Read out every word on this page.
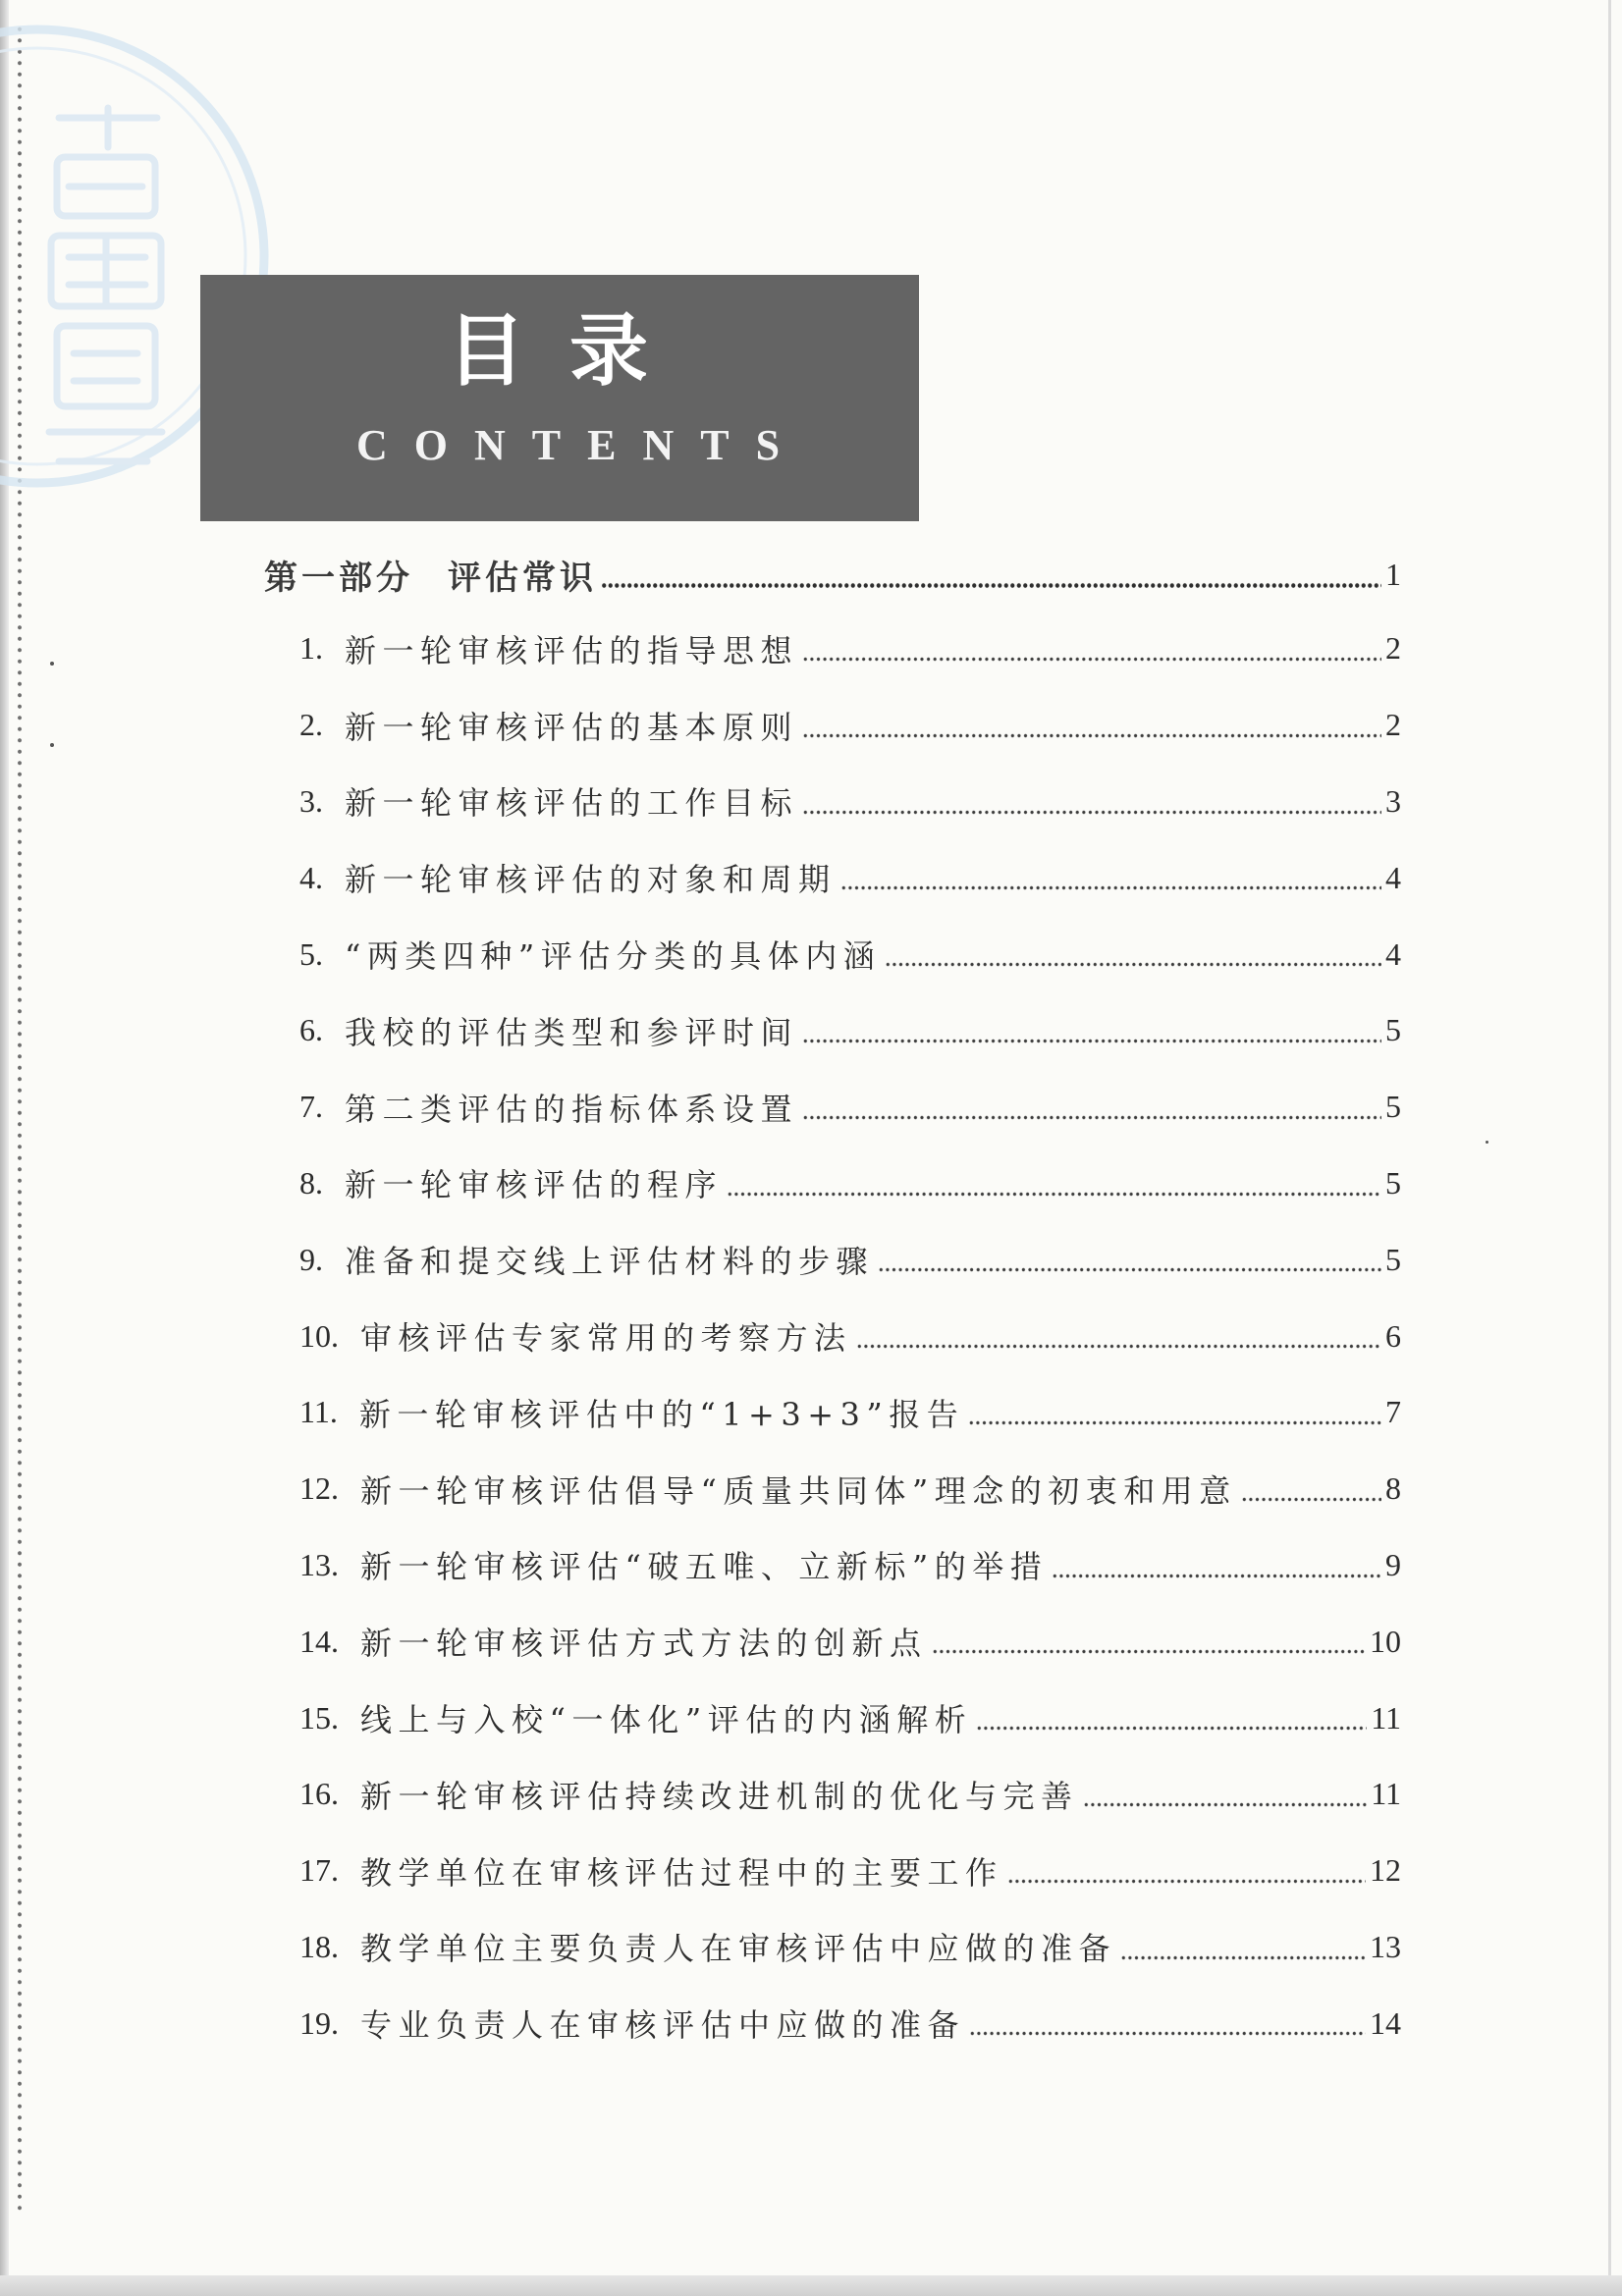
目录
CONTENTS
第一部分 评估常识	1
1. 新一轮审核评估的指导思想	2
2. 新一轮审核评估的基本原则	2
3. 新一轮审核评估的工作目标	3
4. 新一轮审核评估的对象和周期	4
5. “两类四种”评估分类的具体内涵	4
6. 我校的评估类型和参评时间	5
7. 第二类评估的指标体系设置	5
8. 新一轮审核评估的程序	5
9. 准备和提交线上评估材料的步骤	5
10. 审核评估专家常用的考察方法	6
11. 新一轮审核评估中的“1+3+3”报告	7
12. 新一轮审核评估倡导“质量共同体”理念的初衷和用意	8
13. 新一轮审核评估“破五唯、立新标”的举措	9
14. 新一轮审核评估方式方法的创新点	10
15. 线上与入校“一体化”评估的内涵解析	11
16. 新一轮审核评估持续改进机制的优化与完善	11
17. 教学单位在审核评估过程中的主要工作	12
18. 教学单位主要负责人在审核评估中应做的准备	13
19. 专业负责人在审核评估中应做的准备	14
